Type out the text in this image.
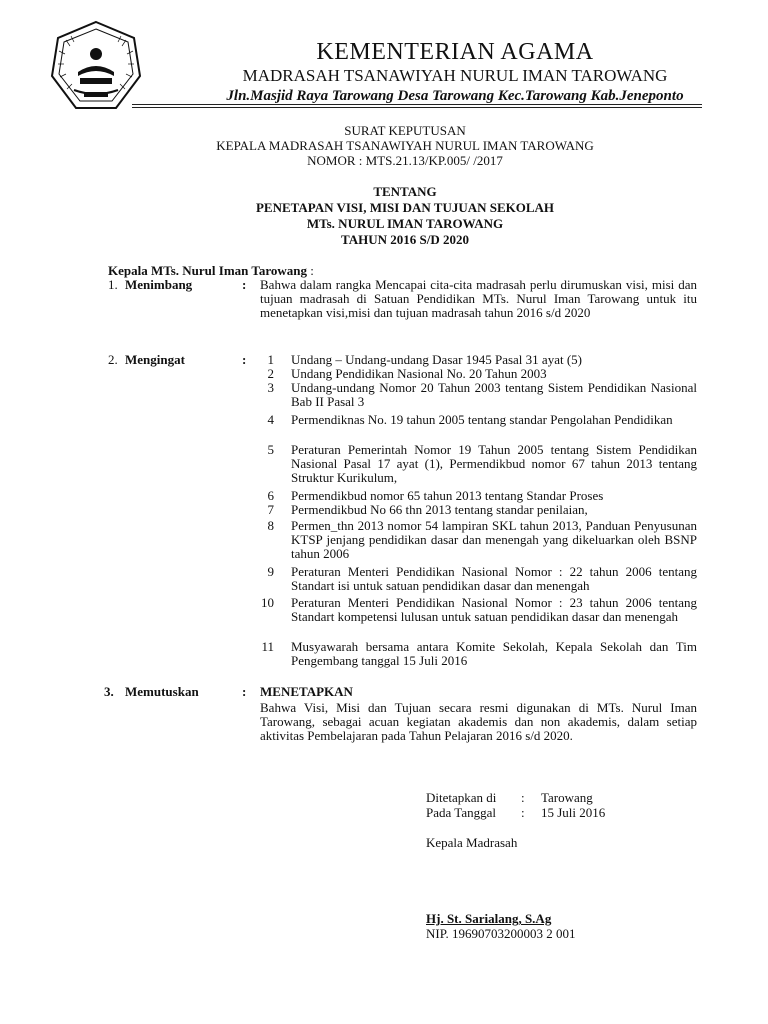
KEMENTERIAN AGAMA
MADRASAH TSANAWIYAH NURUL IMAN TAROWANG
Jln.Masjid Raya Tarowang Desa Tarowang Kec.Tarowang Kab.Jeneponto
SURAT KEPUTUSAN
KEPALA MADRASAH TSANAWIYAH NURUL IMAN TAROWANG
NOMOR : MTS.21.13/KP.005/ /2017
TENTANG
PENETAPAN VISI, MISI DAN TUJUAN SEKOLAH
MTs. NURUL IMAN TAROWANG
TAHUN 2016 S/D 2020
Kepala MTs. Nurul Iman Tarowang :
1. Menimbang	: Bahwa dalam rangka Mencapai cita-cita madrasah perlu dirumuskan visi, misi dan tujuan madrasah di Satuan Pendidikan MTs. Nurul Iman Tarowang untuk itu menetapkan visi,misi dan tujuan madrasah tahun 2016 s/d 2020
2. Mengingat	:	1 Undang – Undang-undang Dasar 1945 Pasal 31 ayat (5)
2 Undang Pendidikan Nasional No. 20 Tahun 2003
3 Undang-undang Nomor 20 Tahun 2003 tentang Sistem Pendidikan Nasional Bab II Pasal 3
4 Permendiknas No. 19 tahun 2005 tentang standar Pengolahan Pendidikan
5 Peraturan Pemerintah Nomor 19 Tahun 2005 tentang Sistem Pendidikan Nasional Pasal 17 ayat (1), Permendikbud nomor 67 tahun 2013 tentang Struktur Kurikulum,
6 Permendikbud nomor 65 tahun 2013 tentang Standar Proses
7 Permendikbud No 66 thn 2013 tentang standar penilaian,
8 Permen_thn 2013 nomor 54 lampiran SKL tahun 2013, Panduan Penyusunan KTSP jenjang pendidikan dasar dan menengah yang dikeluarkan oleh BSNP tahun 2006
9 Peraturan Menteri Pendidikan Nasional Nomor : 22 tahun 2006 tentang Standart isi untuk satuan pendidikan dasar dan menengah
10 Peraturan Menteri Pendidikan Nasional Nomor : 23 tahun 2006 tentang Standart kompetensi lulusan untuk satuan pendidikan dasar dan menengah
11 Musyawarah bersama antara Komite Sekolah, Kepala Sekolah dan Tim Pengembang tanggal 15 Juli 2016
3. Memutuskan	: MENETAPKAN
Bahwa Visi, Misi dan Tujuan secara resmi digunakan di MTs. Nurul Iman Tarowang, sebagai acuan kegiatan akademis dan non akademis, dalam setiap aktivitas Pembelajaran pada Tahun Pelajaran 2016 s/d 2020.
Ditetapkan di : Tarowang
Pada Tanggal : 15 Juli 2016
Kepala Madrasah
Hj. St. Sarialang, S.Ag
NIP. 19690703200003 2 001
